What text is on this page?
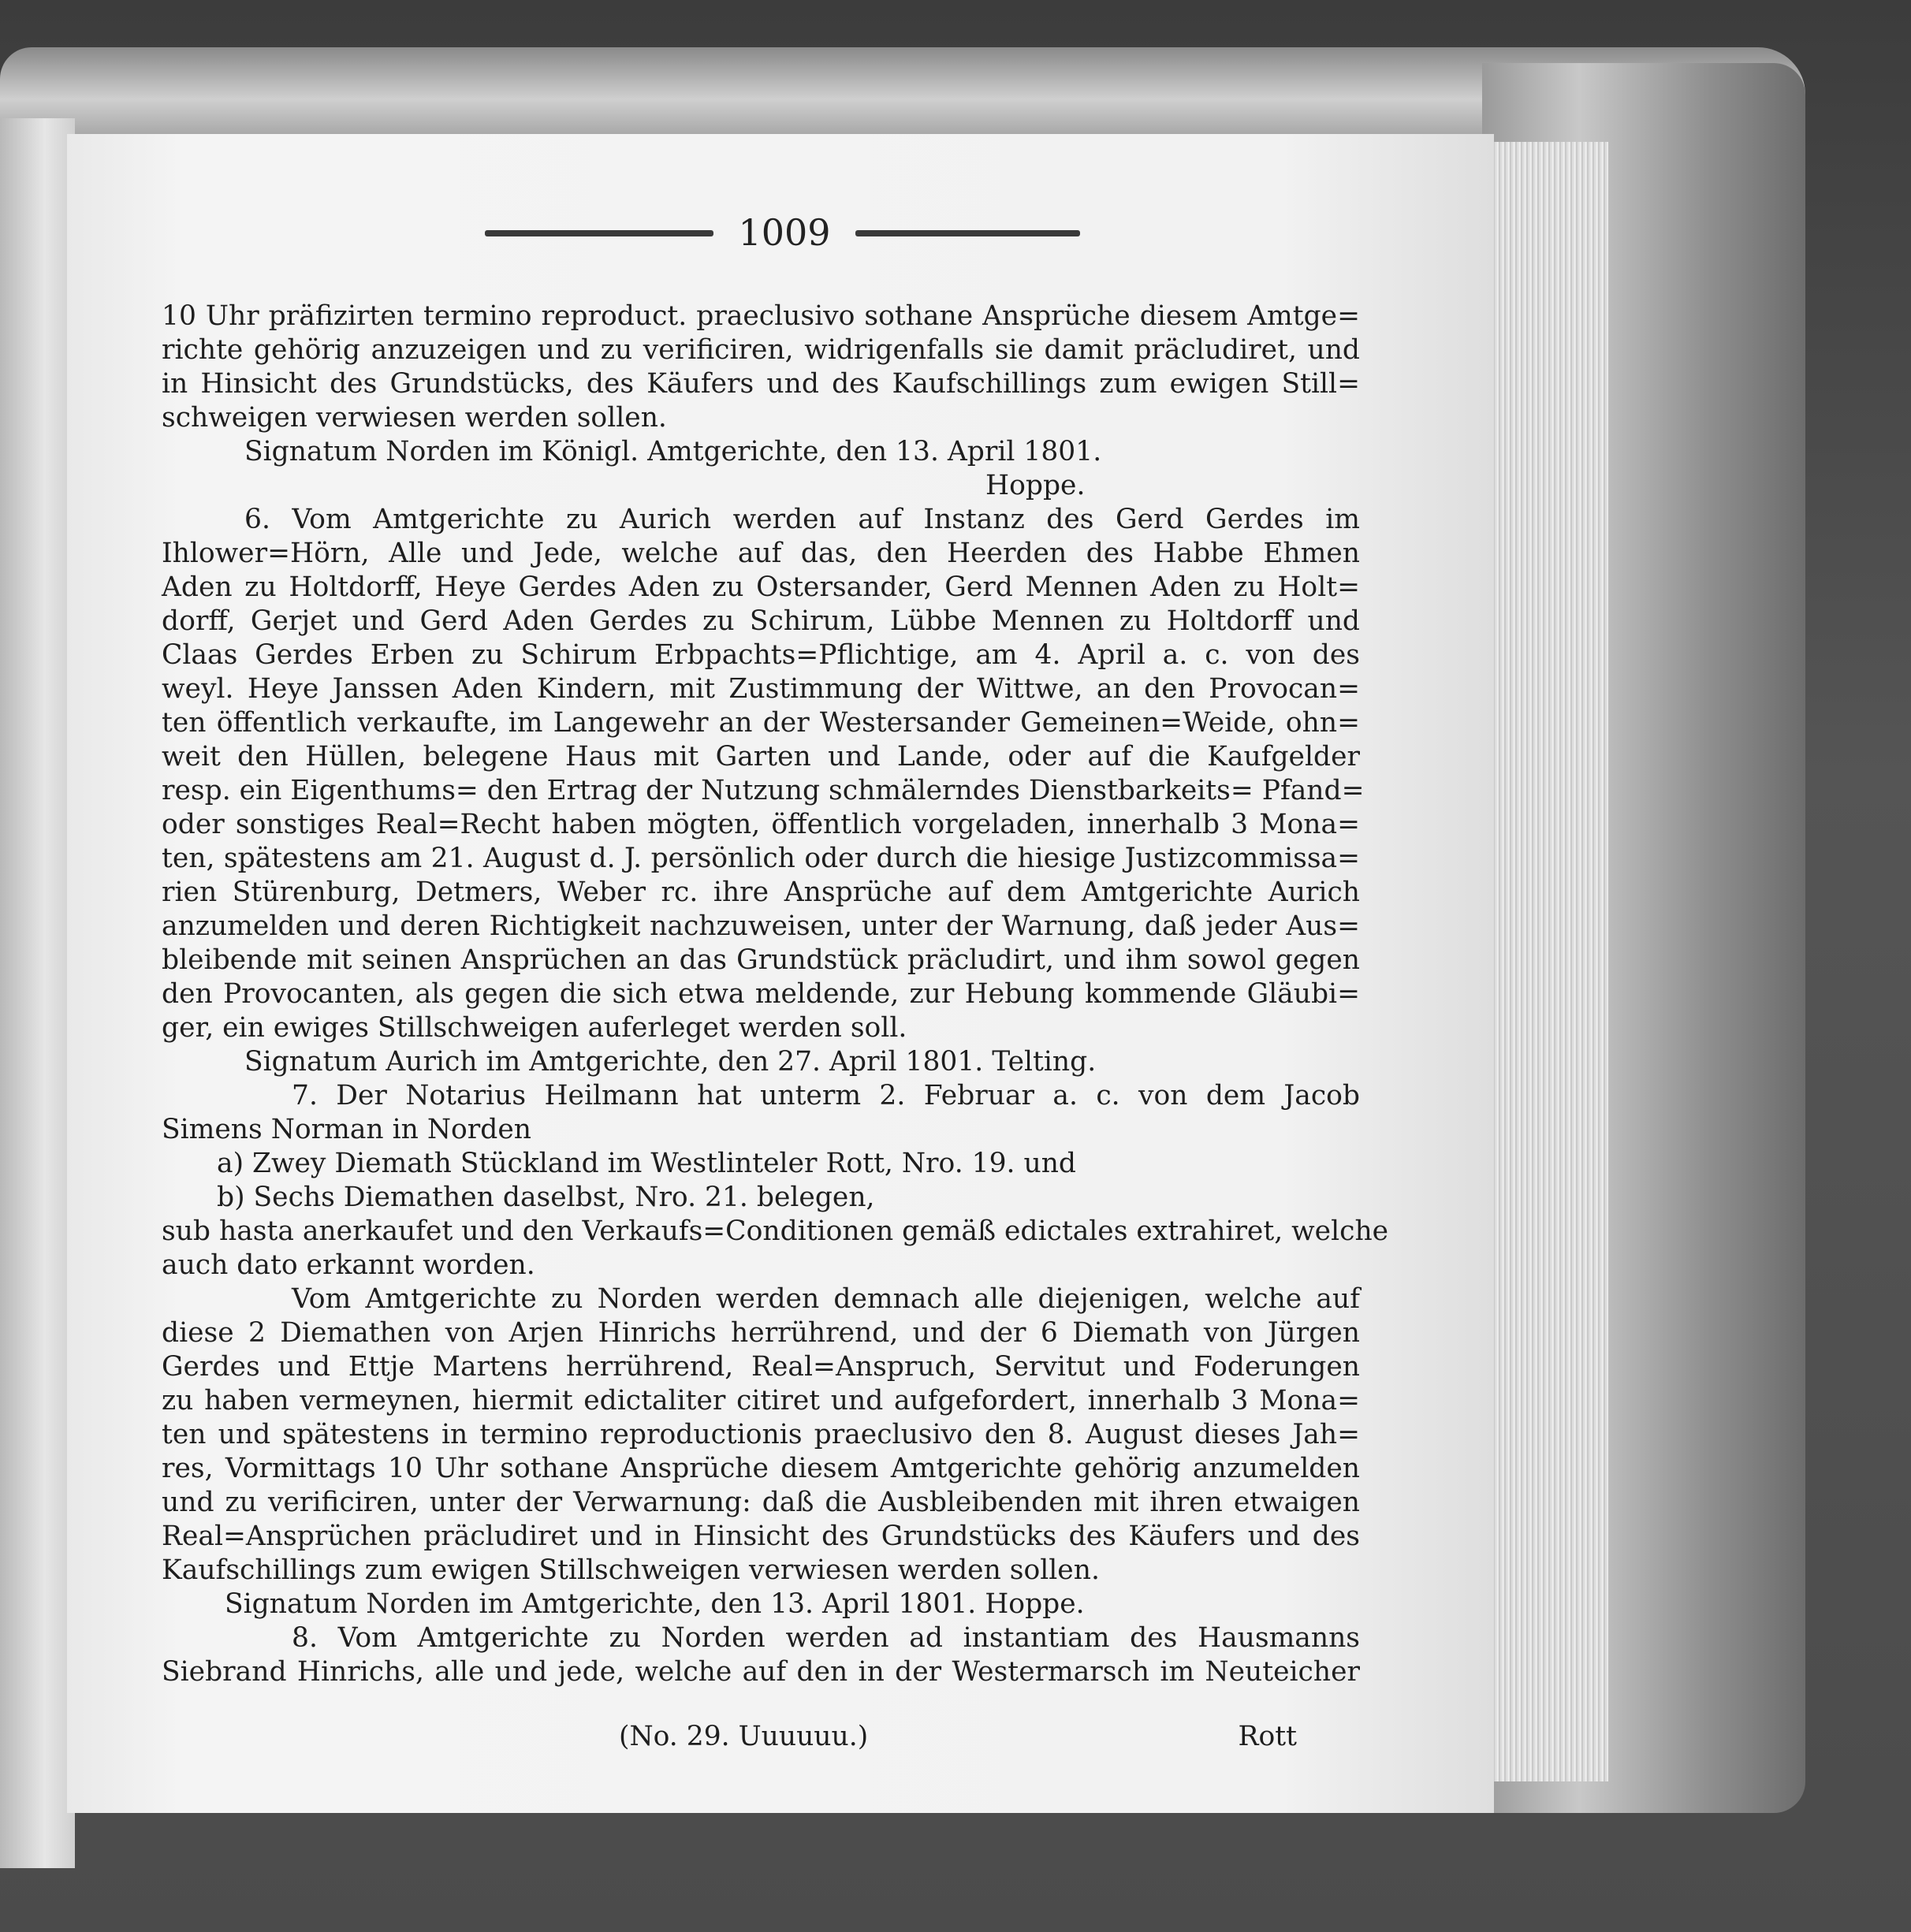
1009
10 Uhr präfizirten termino reproduct. praeclusivo sothane Ansprüche diesem Amtge=
richte gehörig anzuzeigen und zu verificiren, widrigenfalls sie damit präcludiret, und
in Hinsicht des Grundstücks, des Käufers und des Kaufschillings zum ewigen Still=
schweigen verwiesen werden sollen.
Signatum Norden im Königl. Amtgerichte, den 13. April 1801.
Hoppe.
6. Vom Amtgerichte zu Aurich werden auf Instanz des Gerd Gerdes im
Ihlower=Hörn, Alle und Jede, welche auf das, den Heerden des Habbe Ehmen
Aden zu Holtdorff, Heye Gerdes Aden zu Ostersander, Gerd Mennen Aden zu Holt=
dorff, Gerjet und Gerd Aden Gerdes zu Schirum, Lübbe Mennen zu Holtdorff und
Claas Gerdes Erben zu Schirum Erbpachts=Pflichtige, am 4. April a. c. von des
weyl. Heye Janssen Aden Kindern, mit Zustimmung der Wittwe, an den Provocan=
ten öffentlich verkaufte, im Langewehr an der Westersander Gemeinen=Weide, ohn=
weit den Hüllen, belegene Haus mit Garten und Lande, oder auf die Kaufgelder
resp. ein Eigenthums= den Ertrag der Nutzung schmälerndes Dienstbarkeits= Pfand=
oder sonstiges Real=Recht haben mögten, öffentlich vorgeladen, innerhalb 3 Mona=
ten, spätestens am 21. August d. J. persönlich oder durch die hiesige Justizcommissa=
rien Stürenburg, Detmers, Weber rc. ihre Ansprüche auf dem Amtgerichte Aurich
anzumelden und deren Richtigkeit nachzuweisen, unter der Warnung, daß jeder Aus=
bleibende mit seinen Ansprüchen an das Grundstück präcludirt, und ihm sowol gegen
den Provocanten, als gegen die sich etwa meldende, zur Hebung kommende Gläubi=
ger, ein ewiges Stillschweigen auferleget werden soll.
Signatum Aurich im Amtgerichte, den 27. April 1801. Telting.
7. Der Notarius Heilmann hat unterm 2. Februar a. c. von dem Jacob
Simens Norman in Norden
a) Zwey Diemath Stückland im Westlinteler Rott, Nro. 19. und
b) Sechs Diemathen daselbst, Nro. 21. belegen,
sub hasta anerkaufet und den Verkaufs=Conditionen gemäß edictales extrahiret, welche
auch dato erkannt worden.
Vom Amtgerichte zu Norden werden demnach alle diejenigen, welche auf
diese 2 Diemathen von Arjen Hinrichs herrührend, und der 6 Diemath von Jürgen
Gerdes und Ettje Martens herrührend, Real=Anspruch, Servitut und Foderungen
zu haben vermeynen, hiermit edictaliter citiret und aufgefordert, innerhalb 3 Mona=
ten und spätestens in termino reproductionis praeclusivo den 8. August dieses Jah=
res, Vormittags 10 Uhr sothane Ansprüche diesem Amtgerichte gehörig anzumelden
und zu verificiren, unter der Verwarnung: daß die Ausbleibenden mit ihren etwaigen
Real=Ansprüchen präcludiret und in Hinsicht des Grundstücks des Käufers und des
Kaufschillings zum ewigen Stillschweigen verwiesen werden sollen.
Signatum Norden im Amtgerichte, den 13. April 1801. Hoppe.
8. Vom Amtgerichte zu Norden werden ad instantiam des Hausmanns
Siebrand Hinrichs, alle und jede, welche auf den in der Westermarsch im Neuteicher
(No. 29. Uuuuuu.)	Rott
